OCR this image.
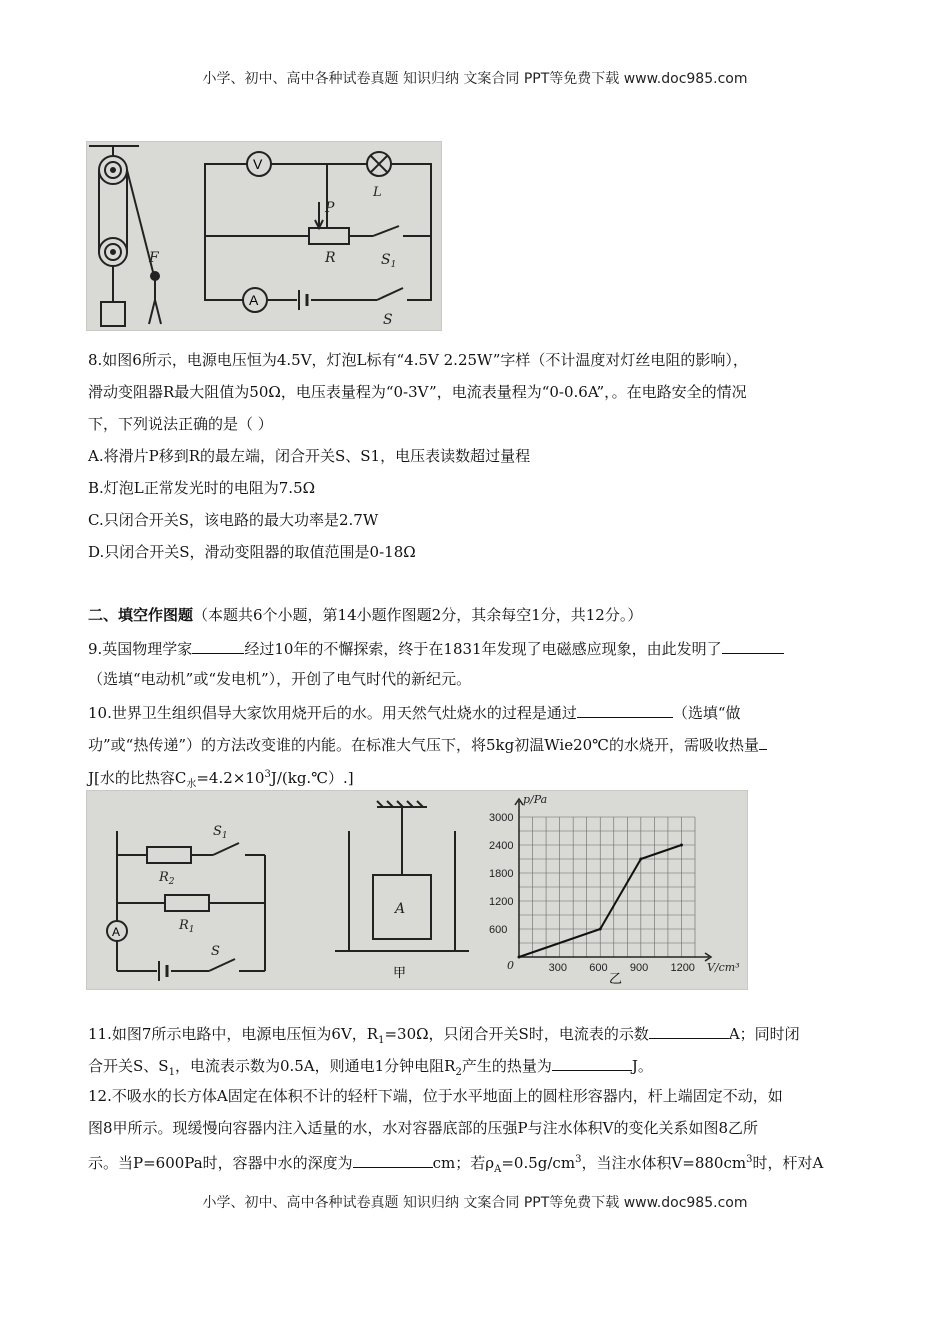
小学、初中、高中各种试卷真题 知识归纳 文案合同 PPT等免费下载 www.doc985.com
F
V
L
P
R	$S_1$
A
S
8.如图6所示，电源电压恒为4.5V，灯泡L标有“4.5V 2.25W”字样（不计温度对灯丝电阻的影响），
滑动变阻器R最大阻值为50Ω，电压表量程为“0-3V”，电流表量程为“0-0.6A”，。在电路安全的情况
下，下列说法正确的是（ ）
A.将滑片P移到R的最左端，闭合开关S、S1，电压表读数超过量程
B.灯泡L正常发光时的电阻为7.5Ω
C.只闭合开关S，该电路的最大功率是2.7W
D.只闭合开关S，滑动变阻器的取值范围是0-18Ω
二、填空作图题（本题共6个小题，第14小题作图题2分，其余每空1分，共12分。）
9.英国物理学家	经过10年的不懈探索，终于在1831年发现了电磁感应现象，由此发明了
（选填“电动机”或“发电机”），开创了电气时代的新纪元。
10.世界卫生组织倡导大家饮用烧开后的水。用天然气灶烧水的过程是通过	（选填“做
功”或“热传递”）的方法改变谁的内能。在标准大气压下，将5kg初温Wie20℃的水烧开，需吸收热量
J[水的比热容$C_水=4.2\times 10^3J/(kg.℃)$.]
$R_2$
$S_1$
$R_1$
A
S
A
甲	300 600 900 1200
600
1200
1800
2400
3000
0	V/cm³
p/Pa
乙
11.如图7所示电路中，电源电压恒为6V，$R_1=30\Omega$，只闭合开关S时，电流表的示数	A；同时闭
合开关S、$S_1$，电流表示数为0.5A，则通电1分钟电阻$R_2$产生的热量为	J。
12.不吸水的长方体A固定在体积不计的轻杆下端，位于水平地面上的圆柱形容器内，杆上端固定不动，如
图8甲所示。现缓慢向容器内注入适量的水，水对容器底部的压强P与注水体积V的变化关系如图8乙所
示。当P=600Pa时，容器中水的深度为	cm；若$\rho_A=0.5g/cm^3$，当注水体积$V=880cm^3$时，杆对A
小学、初中、高中各种试卷真题 知识归纳 文案合同 PPT等免费下载 www.doc985.com
